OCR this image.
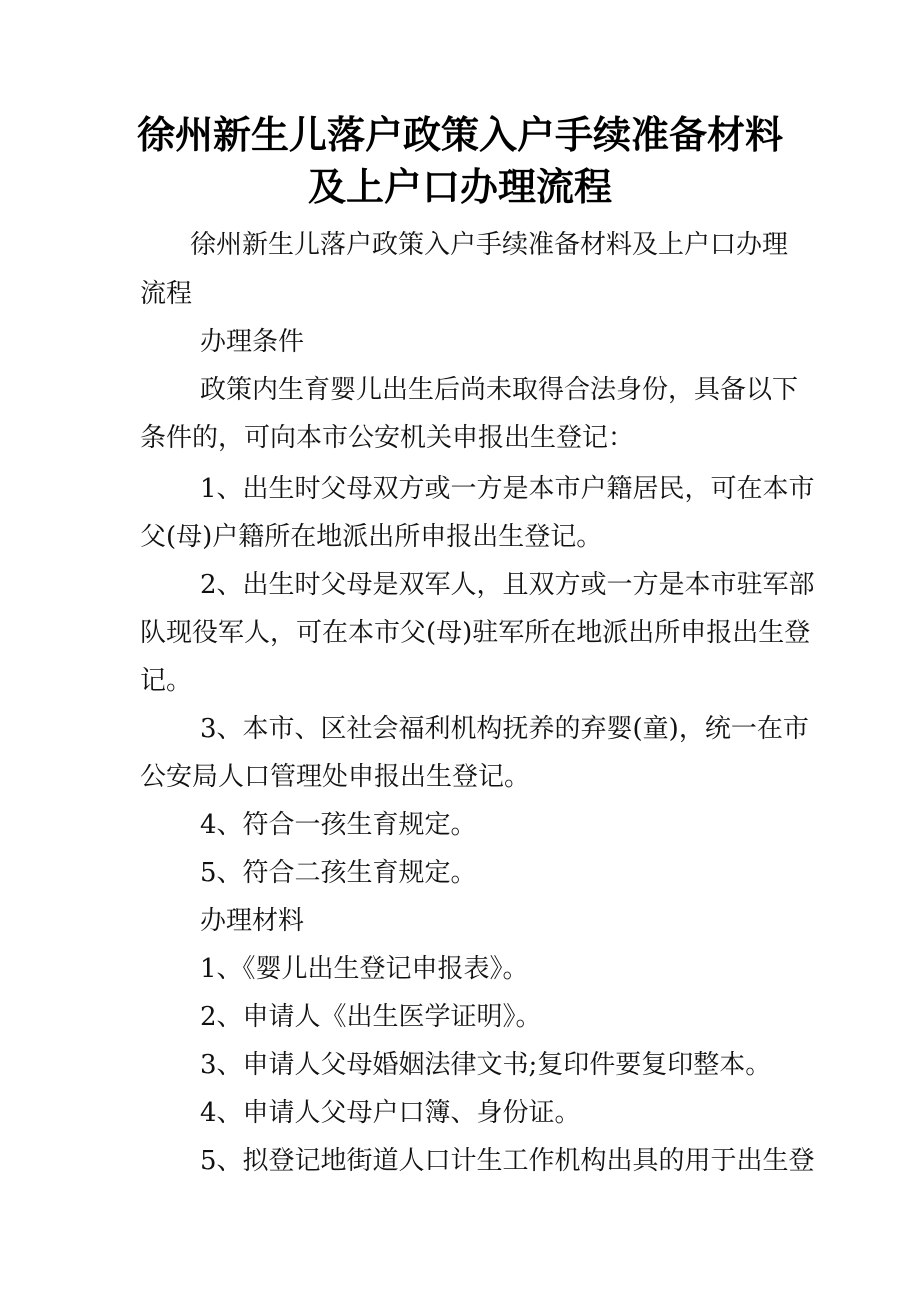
徐州新生儿落户政策入户手续准备材料
及上户口办理流程
徐州新生儿落户政策入户手续准备材料及上户口办理
流程
办理条件
政策内生育婴儿出生后尚未取得合法身份，具备以下
条件的，可向本市公安机关申报出生登记：
1、出生时父母双方或一方是本市户籍居民，可在本市
父(母)户籍所在地派出所申报出生登记。
2、出生时父母是双军人，且双方或一方是本市驻军部
队现役军人，可在本市父(母)驻军所在地派出所申报出生登
记。
3、本市、区社会福利机构抚养的弃婴(童)，统一在市
公安局人口管理处申报出生登记。
4、符合一孩生育规定。
5、符合二孩生育规定。
办理材料
1、《婴儿出生登记申报表》。
2、申请人《出生医学证明》。
3、申请人父母婚姻法律文书;复印件要复印整本。
4、申请人父母户口簿、身份证。
5、拟登记地街道人口计生工作机构出具的用于出生登
